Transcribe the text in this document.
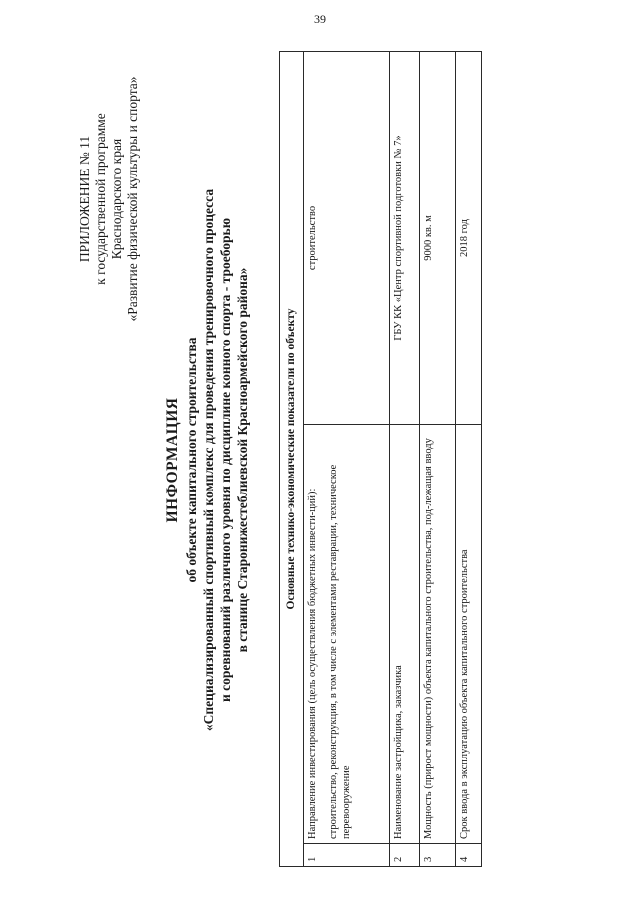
39
ПРИЛОЖЕНИЕ № 11 к государственной программе Краснодарского края «Развитие физической культуры и спорта»
ИНФОРМАЦИЯ об объекте капитального строительства «Специализированный спортивный комплекс для проведения тренировочного процесса и соревнований различного уровня по дисциплине конного спорта - троеборью в станице Старонижестеблиевской Красноармейского района»	Основные технико-экономические показатели по объекту		
1	Направление инвестирования (цель осуществления бюджетных инвести-ций): строительство, реконструкция, в том числе с элементами реставрации, техническое перевооружение	строительство
2	Наименование застройщика, заказчика	ГБУ КК «Центр спортивной подготовки № 7»
3	Мощность (прирост мощности) объекта капитального строительства, под-лежащая вводу	9000 кв. м
4	Срок ввода в эксплуатацию объекта капитального строительства	2018 год
